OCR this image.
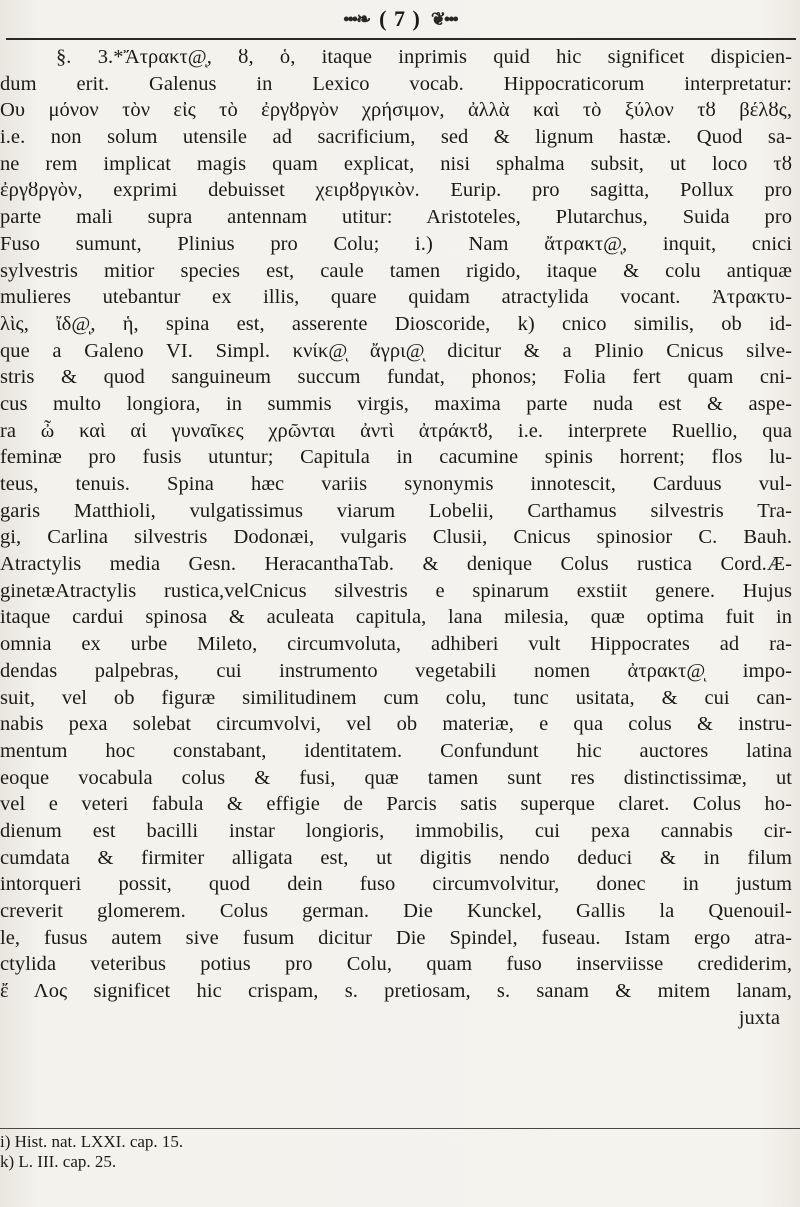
•••❧ ( 7 ) ❦•••
§. 3.*Ἄτρακτ@ͅ, ȣ, ὁ, itaque inprimis quid hic significet dispicien-
dum erit. Galenus in Lexico vocab. Hippocraticorum interpretatur:
Ου μόνον τὸν εἰς τὸ ἐργȣργὸν χρήσιμον, ἀλλὰ καὶ τὸ ξύλον τȣ βέλȣς,
i.e. non solum utensile ad sacrificium, sed & lignum hastæ. Quod sa-
ne rem implicat magis quam explicat, nisi sphalma subsit, ut loco τȣ
ἐργȣργὸν, exprimi debuisset χειρȣργικὸν. Eurip. pro sagitta, Pollux pro
parte mali supra antennam utitur: Aristoteles, Plutarchus, Suida pro
Fuso sumunt, Plinius pro Colu; i.) Nam ἄτρακτ@ͅ, inquit, cnici
sylvestris mitior species est, caule tamen rigido, itaque & colu antiquæ
mulieres utebantur ex illis, quare quidam atractylida vocant. Ἀτρακτυ-
λὶς, ἴδ@ͅ, ἡ, spina est, asserente Dioscoride, k) cnico similis, ob id-
que a Galeno VI. Simpl. κνίκ@ͅ ἄγρι@ͅ dicitur & a Plinio Cnicus silve-
stris & quod sanguineum succum fundat, phonos; Folia fert quam cni-
cus multo longiora, in summis virgis, maxima parte nuda est & aspe-
ra ὦ καὶ αἱ γυναῖκες χρῶνται ἀντὶ ἀτράκτȣ, i.e. interprete Ruellio, qua
feminæ pro fusis utuntur; Capitula in cacumine spinis horrent; flos lu-
teus, tenuis. Spina hæc variis synonymis innotescit, Carduus vul-
garis Matthioli, vulgatissimus viarum Lobelii, Carthamus silvestris Tra-
gi, Carlina silvestris Dodonæi, vulgaris Clusii, Cnicus spinosior C. Bauh.
Atractylis media Gesn. HeracanthaTab. & denique Colus rustica Cord.Æ-
ginetæAtractylis rustica,velCnicus silvestris e spinarum exstiit genere. Hujus
itaque cardui spinosa & aculeata capitula, lana milesia, quæ optima fuit in
omnia ex urbe Mileto, circumvoluta, adhiberi vult Hippocrates ad ra-
dendas palpebras, cui instrumento vegetabili nomen ἀτρακτ@ͅ impo-
suit, vel ob figuræ similitudinem cum colu, tunc usitata, & cui can-
nabis pexa solebat circumvolvi, vel ob materiæ, e qua colus & instru-
mentum hoc constabant, identitatem. Confundunt hic auctores latina
eoque vocabula colus & fusi, quæ tamen sunt res distinctissimæ, ut
vel e veteri fabula & effigie de Parcis satis superque claret. Colus ho-
dienum est bacilli instar longioris, immobilis, cui pexa cannabis cir-
cumdata & firmiter alligata est, ut digitis nendo deduci & in filum
intorqueri possit, quod dein fuso circumvolvitur, donec in justum
creverit glomerem. Colus german. Die Kunckel, Gallis la Quenouil-
le, fusus autem sive fusum dicitur Die Spindel, fuseau. Istam ergo atra-
ctylida veteribus potius pro Colu, quam fuso inserviisse crediderim,
ἔ Λος significet hic crispam, s. pretiosam, s. sanam & mitem lanam,
juxta
i) Hist. nat. LXXI. cap. 15.
k) L. III. cap. 25.
